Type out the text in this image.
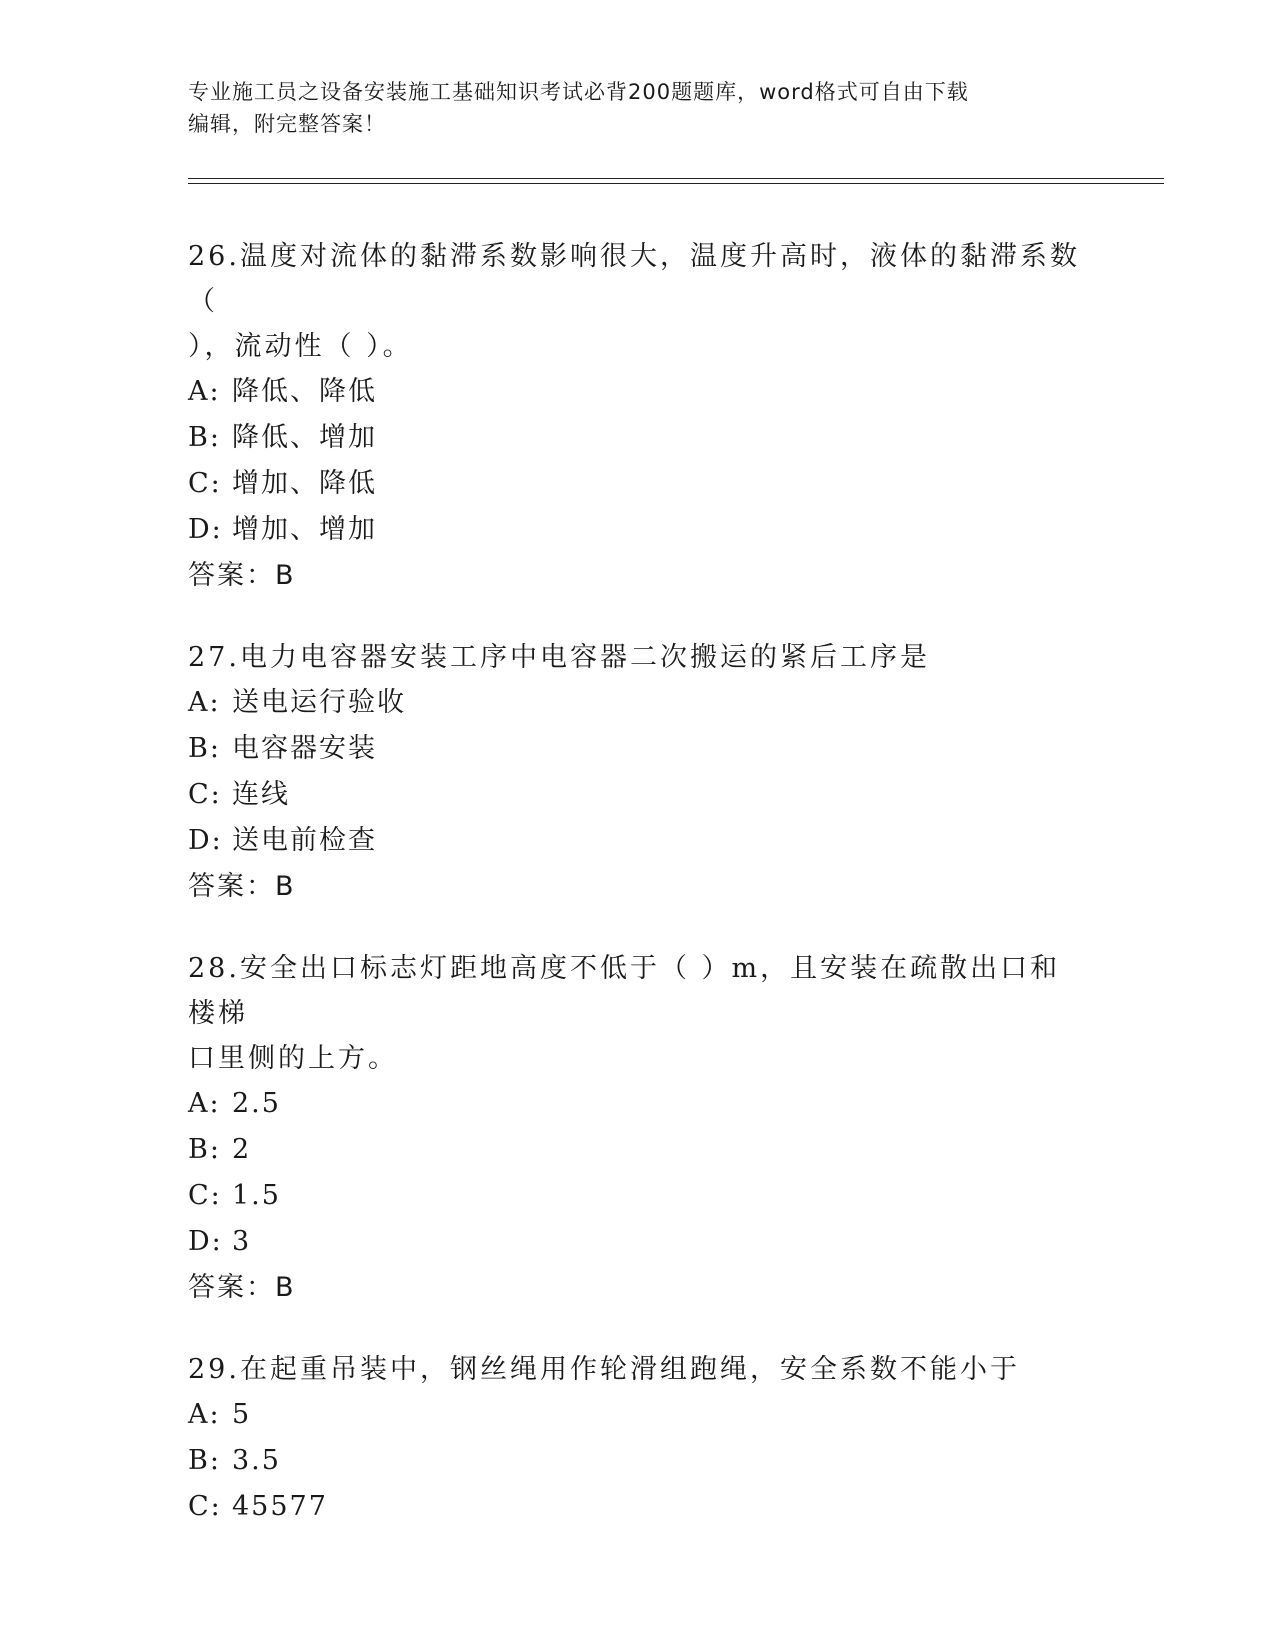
专业施工员之设备安装施工基础知识考试必背200题题库，word格式可自由下载
编辑，附完整答案！
26.温度对流体的黏滞系数影响很大，温度升高时，液体的黏滞系数（
），流动性（ ）。
A: 降低、降低
B: 降低、增加
C: 增加、降低
D: 增加、增加
答案：B
27.电力电容器安装工序中电容器二次搬运的紧后工序是
A: 送电运行验收
B: 电容器安装
C: 连线
D: 送电前检查
答案：B
28.安全出口标志灯距地高度不低于（ ）m，且安装在疏散出口和楼梯
口里侧的上方。
A: 2.5
B: 2
C: 1.5
D: 3
答案：B
29.在起重吊装中，钢丝绳用作轮滑组跑绳，安全系数不能小于
A: 5
B: 3.5
C: 45577
